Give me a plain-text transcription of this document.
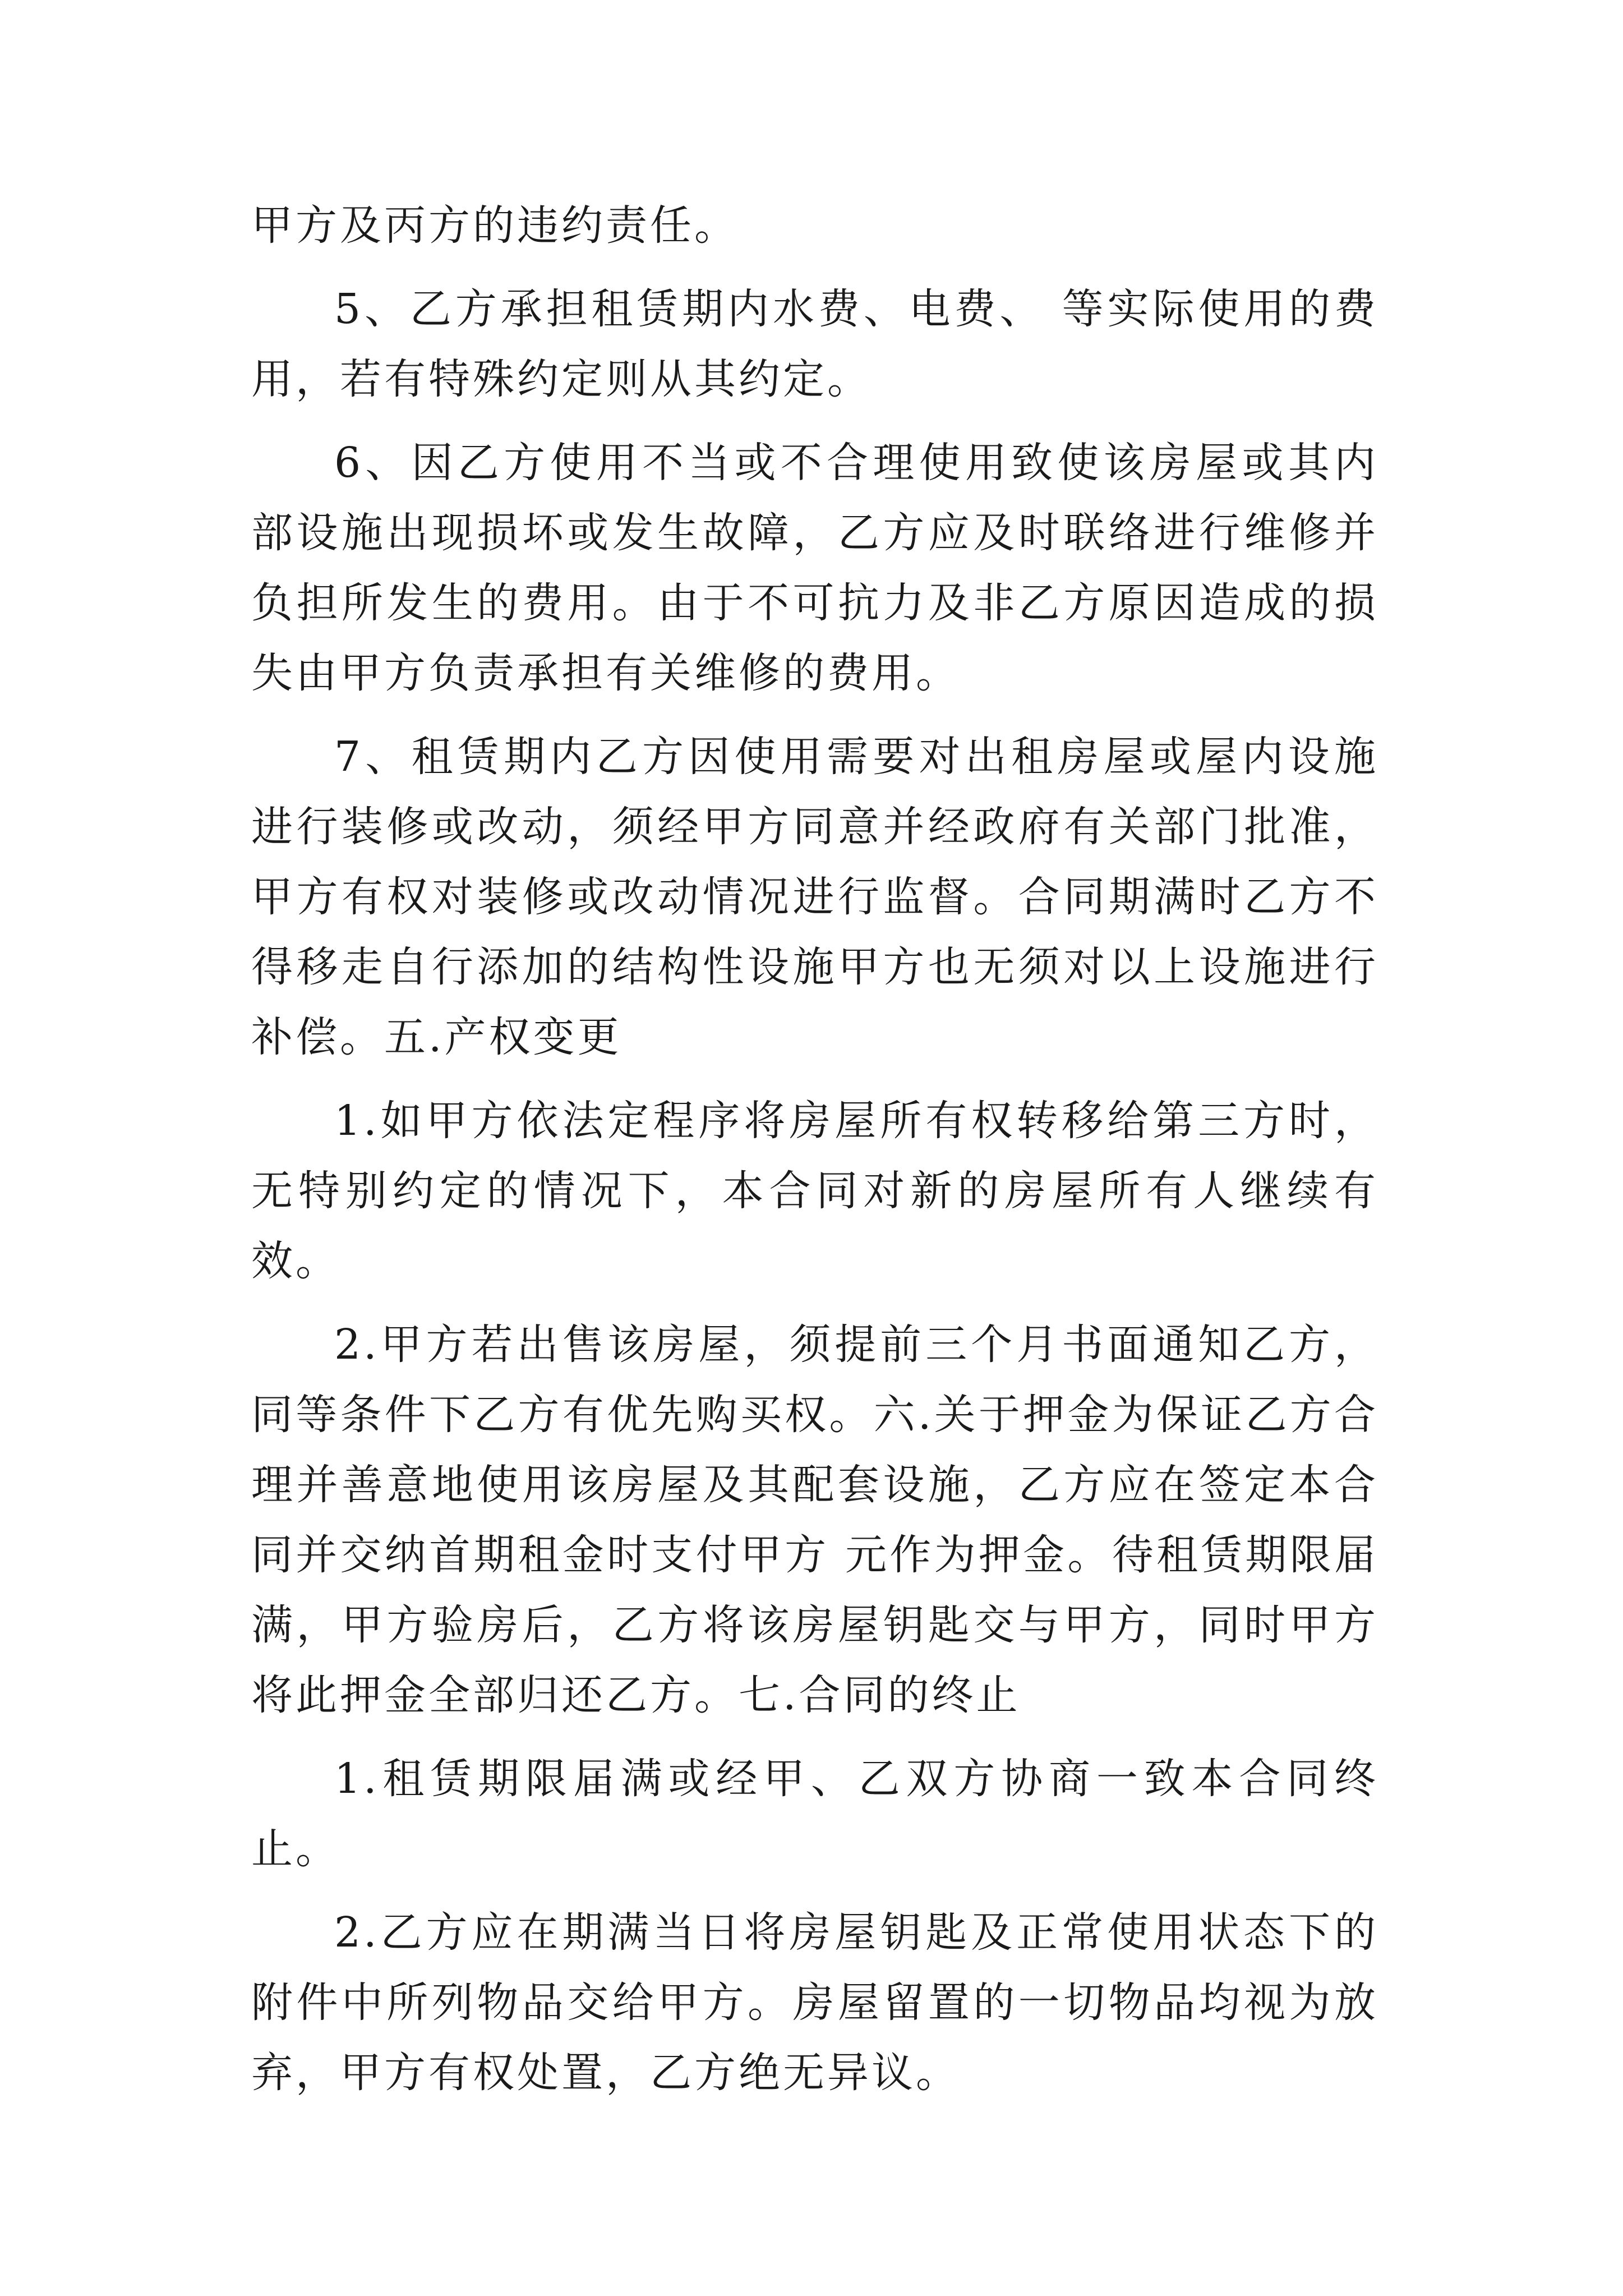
甲方及丙方的违约责任。

5、乙方承担租赁期内水费、电费、 等实际使用的费用，若有特殊约定则从其约定。

6、因乙方使用不当或不合理使用致使该房屋或其内部设施出现损坏或发生故障，乙方应及时联络进行维修并负担所发生的费用。由于不可抗力及非乙方原因造成的损失由甲方负责承担有关维修的费用。

7、租赁期内乙方因使用需要对出租房屋或屋内设施进行装修或改动，须经甲方同意并经政府有关部门批准，甲方有权对装修或改动情况进行监督。合同期满时乙方不得移走自行添加的结构性设施甲方也无须对以上设施进行补偿。五.产权变更

1.如甲方依法定程序将房屋所有权转移给第三方时，无特别约定的情况下，本合同对新的房屋所有人继续有效。

2.甲方若出售该房屋，须提前三个月书面通知乙方，同等条件下乙方有优先购买权。六.关于押金为保证乙方合理并善意地使用该房屋及其配套设施，乙方应在签定本合同并交纳首期租金时支付甲方 元作为押金。待租赁期限届满，甲方验房后，乙方将该房屋钥匙交与甲方，同时甲方将此押金全部归还乙方。七.合同的终止

1.租赁期限届满或经甲、乙双方协商一致本合同终止。

2.乙方应在期满当日将房屋钥匙及正常使用状态下的附件中所列物品交给甲方。房屋留置的一切物品均视为放弃，甲方有权处置，乙方绝无异议。
